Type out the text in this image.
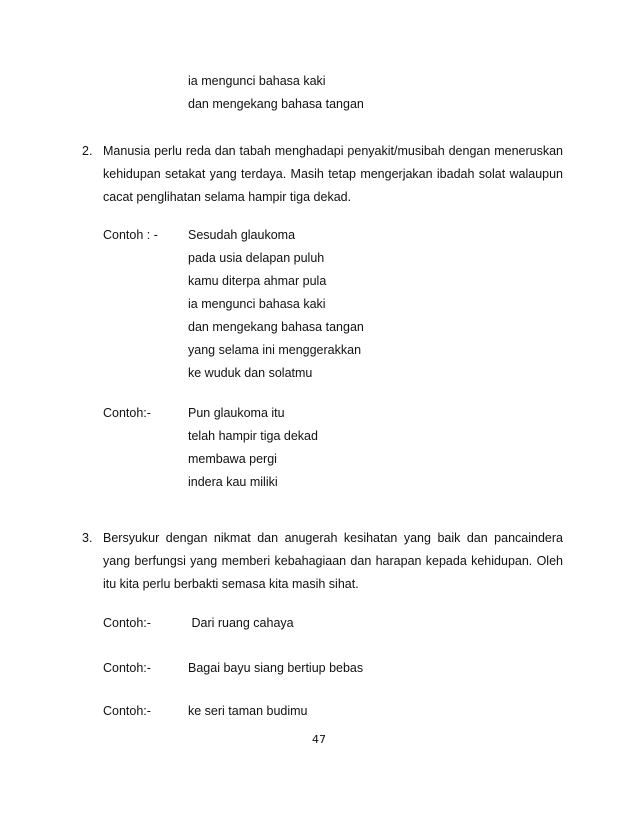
ia mengunci bahasa kaki
dan mengekang bahasa tangan
2. Manusia perlu reda dan tabah menghadapi penyakit/musibah dengan meneruskan kehidupan setakat yang terdaya. Masih tetap mengerjakan ibadah solat walaupun cacat penglihatan selama hampir tiga dekad.
Contoh : - Sesudah glaukoma
pada usia delapan puluh
kamu diterpa ahmar pula
ia mengunci bahasa kaki
dan mengekang bahasa tangan
yang selama ini menggerakkan
ke wuduk dan solatmu
Contoh:-	Pun glaukoma itu
telah hampir tiga dekad
membawa pergi
indera kau miliki
3. Bersyukur dengan nikmat dan anugerah kesihatan yang baik dan pancaindera yang berfungsi yang memberi kebahagiaan dan harapan kepada kehidupan. Oleh itu kita perlu berbakti semasa kita masih sihat.
Contoh:-	Dari ruang cahaya
Contoh:-	Bagai bayu siang bertiup bebas
Contoh:-	ke seri taman budimu
47
